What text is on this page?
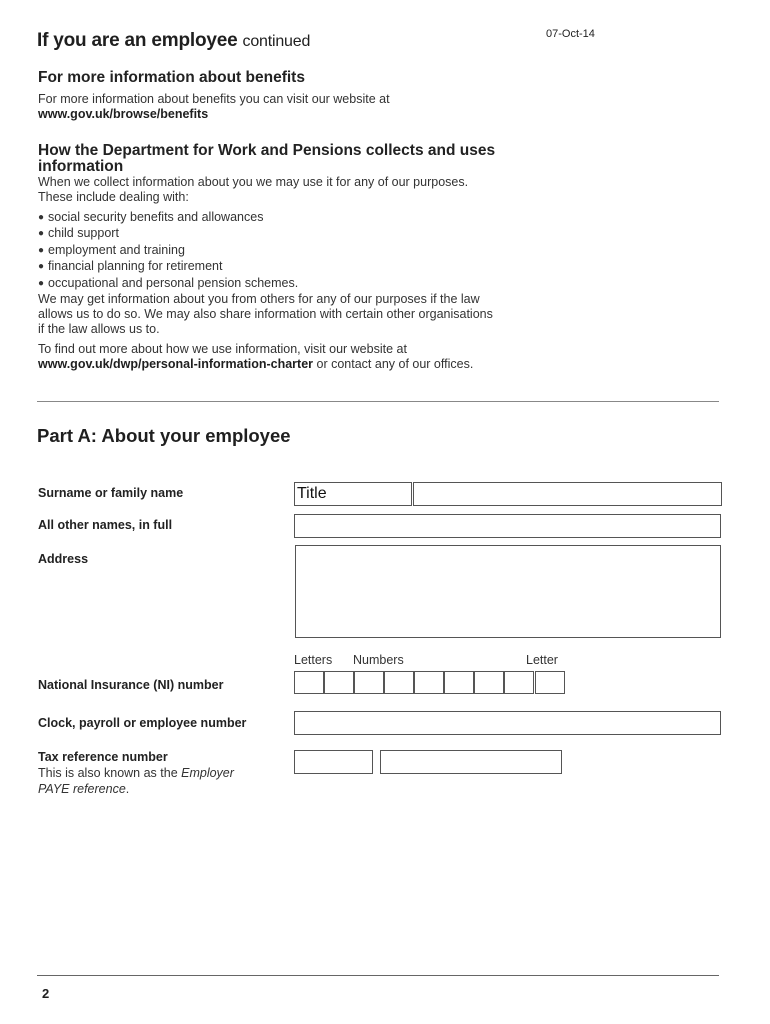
If you are an employee continued	07-Oct-14
For more information about benefits
For more information about benefits you can visit our website at
www.gov.uk/browse/benefits
How the Department for Work and Pensions collects and uses
information
When we collect information about you we may use it for any of our purposes.
These include dealing with:
● social security benefits and allowances
● child support
● employment and training
● financial planning for retirement
● occupational and personal pension schemes.
We may get information about you from others for any of our purposes if the law
allows us to do so. We may also share information with certain other organisations
if the law allows us to.
To find out more about how we use information, visit our website at
www.gov.uk/dwp/personal-information-charter or contact any of our offices.
Part A: About your employee
Surname or family name	Title
All other names, in full
Address
Letters Numbers	Letter
National Insurance (NI) number
Clock, payroll or employee number
Tax reference number
This is also known as the Employer
PAYE reference.
2
